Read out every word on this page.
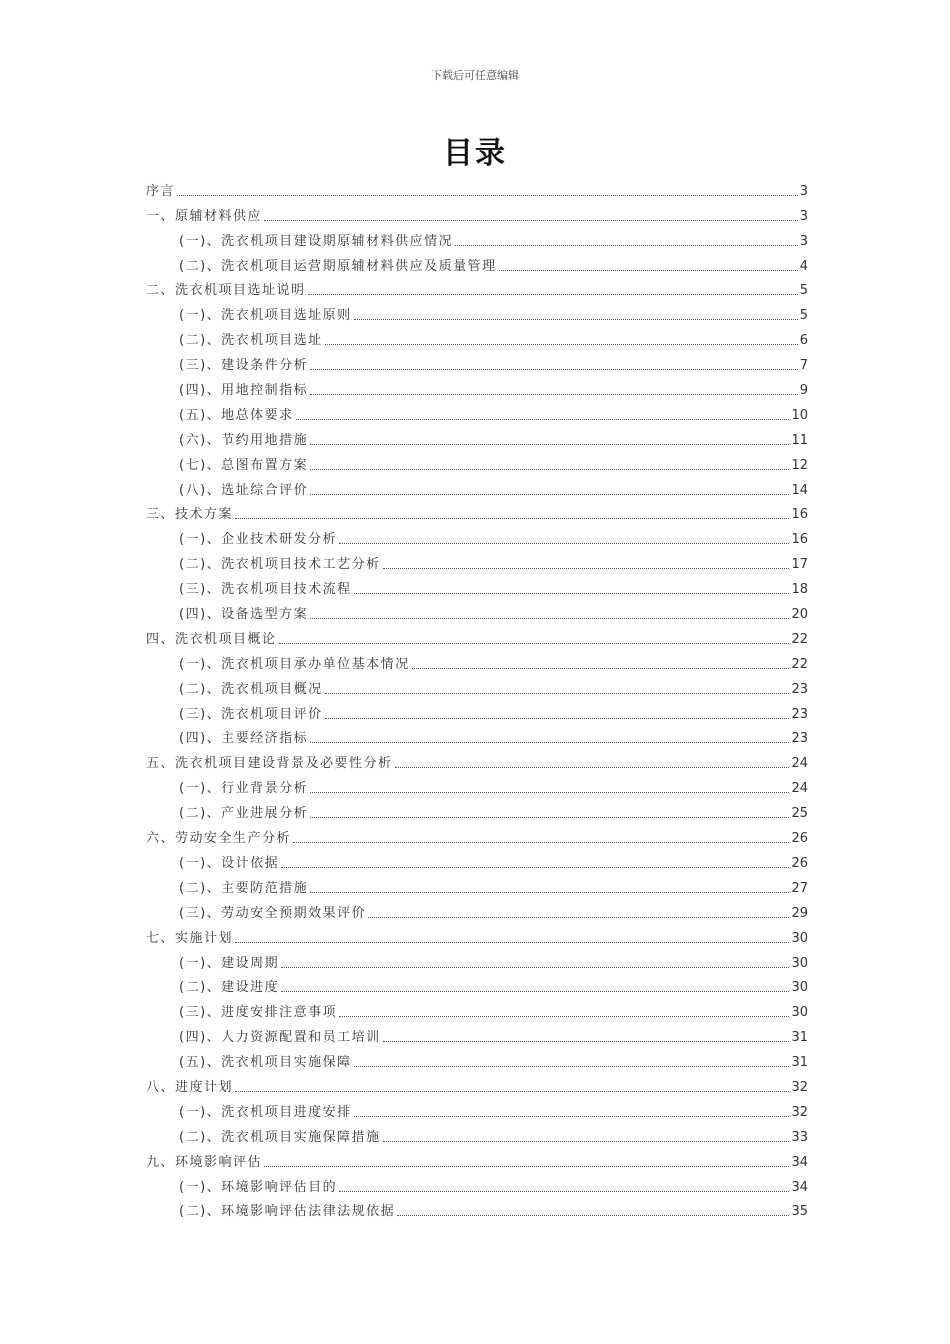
下载后可任意编辑
目录
序言	3
一、原辅材料供应	3
(一)、洗衣机项目建设期原辅材料供应情况	3
(二)、洗衣机项目运营期原辅材料供应及质量管理	4
二、洗衣机项目选址说明	5
(一)、洗衣机项目选址原则	5
(二)、洗衣机项目选址	6
(三)、建设条件分析	7
(四)、用地控制指标	9
(五)、地总体要求	10
(六)、节约用地措施	11
(七)、总图布置方案	12
(八)、选址综合评价	14
三、技术方案	16
(一)、企业技术研发分析	16
(二)、洗衣机项目技术工艺分析	17
(三)、洗衣机项目技术流程	18
(四)、设备选型方案	20
四、洗衣机项目概论	22
(一)、洗衣机项目承办单位基本情况	22
(二)、洗衣机项目概况	23
(三)、洗衣机项目评价	23
(四)、主要经济指标	23
五、洗衣机项目建设背景及必要性分析	24
(一)、行业背景分析	24
(二)、产业进展分析	25
六、劳动安全生产分析	26
(一)、设计依据	26
(二)、主要防范措施	27
(三)、劳动安全预期效果评价	29
七、实施计划	30
(一)、建设周期	30
(二)、建设进度	30
(三)、进度安排注意事项	30
(四)、人力资源配置和员工培训	31
(五)、洗衣机项目实施保障	31
八、进度计划	32
(一)、洗衣机项目进度安排	32
(二)、洗衣机项目实施保障措施	33
九、环境影响评估	34
(一)、环境影响评估目的	34
(二)、环境影响评估法律法规依据	35
